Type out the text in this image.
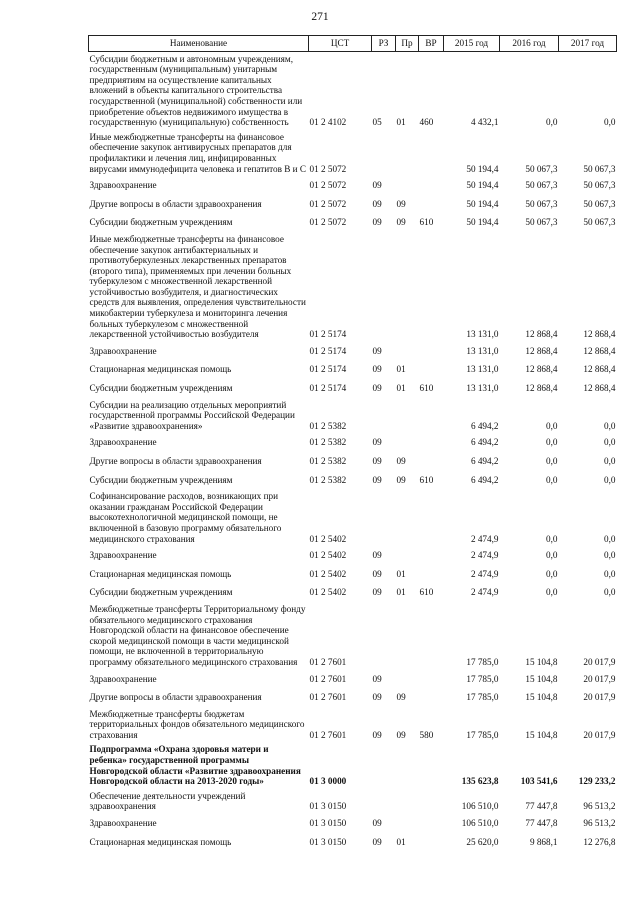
271
Наименование	ЦСТ	РЗ	Пр	ВР	2015 год	2016 год	2017 год
Субсидии бюджетным и автономным учреждениям, государственным (муниципальным) унитарным предприятиям на осуществление капитальных вложений в объекты капитального строительства государственной (муниципальной) собственности или приобретение объектов недвижимого имущества в государственную (муниципальную) собственность	01 2 4102	05	01	460	4 432,1	0,0	0,0
Иные межбюджетные трансферты на финансовое обеспечение закупок антивирусных препаратов для профилактики и лечения лиц, инфицированных вирусами иммунодефицита человека и гепатитов В и С	01 2 5072				50 194,4	50 067,3	50 067,3
Здравоохранение	01 2 5072	09			50 194,4	50 067,3	50 067,3
Другие вопросы в области здравоохранения	01 2 5072	09	09		50 194,4	50 067,3	50 067,3
Субсидии бюджетным учреждениям	01 2 5072	09	09	610	50 194,4	50 067,3	50 067,3
Иные межбюджетные трансферты на финансовое обеспечение закупок антибактериальных и противотуберкулезных лекарственных препаратов (второго типа), применяемых при лечении больных туберкулезом с множественной лекарственной устойчивостью возбудителя, и диагностических средств для выявления, определения чувствительности микобактерии туберкулеза и мониторинга лечения больных туберкулезом с множественной лекарственной устойчивостью возбудителя	01 2 5174				13 131,0	12 868,4	12 868,4
Здравоохранение	01 2 5174	09			13 131,0	12 868,4	12 868,4
Стационарная медицинская помощь	01 2 5174	09	01		13 131,0	12 868,4	12 868,4
Субсидии бюджетным учреждениям	01 2 5174	09	01	610	13 131,0	12 868,4	12 868,4
Субсидии на реализацию отдельных мероприятий государственной программы Российской Федерации «Развитие здравоохранения»	01 2 5382				6 494,2	0,0	0,0
Здравоохранение	01 2 5382	09			6 494,2	0,0	0,0
Другие вопросы в области здравоохранения	01 2 5382	09	09		6 494,2	0,0	0,0
Субсидии бюджетным учреждениям	01 2 5382	09	09	610	6 494,2	0,0	0,0
Софинансирование расходов, возникающих при оказании гражданам Российской Федерации высокотехнологичной медицинской помощи, не включенной в базовую программу обязательного медицинского страхования	01 2 5402				2 474,9	0,0	0,0
Здравоохранение	01 2 5402	09			2 474,9	0,0	0,0
Стационарная медицинская помощь	01 2 5402	09	01		2 474,9	0,0	0,0
Субсидии бюджетным учреждениям	01 2 5402	09	01	610	2 474,9	0,0	0,0
Межбюджетные трансферты Территориальному фонду обязательного медицинского страхования Новгородской области на финансовое обеспечение скорой медицинской помощи в части медицинской помощи, не включенной в территориальную программу обязательного медицинского страхования	01 2 7601				17 785,0	15 104,8	20 017,9
Здравоохранение	01 2 7601	09			17 785,0	15 104,8	20 017,9
Другие вопросы в области здравоохранения	01 2 7601	09	09		17 785,0	15 104,8	20 017,9
Межбюджетные трансферты бюджетам территориальных фондов обязательного медицинского страхования	01 2 7601	09	09	580	17 785,0	15 104,8	20 017,9
Подпрограмма «Охрана здоровья матери и ребенка» государственной программы Новгородской области «Развитие здравоохранения Новгородской области на 2013-2020 годы»	01 3 0000				135 623,8	103 541,6	129 233,2
Обеспечение деятельности учреждений здравоохранения	01 3 0150				106 510,0	77 447,8	96 513,2
Здравоохранение	01 3 0150	09			106 510,0	77 447,8	96 513,2
Стационарная медицинская помощь	01 3 0150	09	01		25 620,0	9 868,1	12 276,8
